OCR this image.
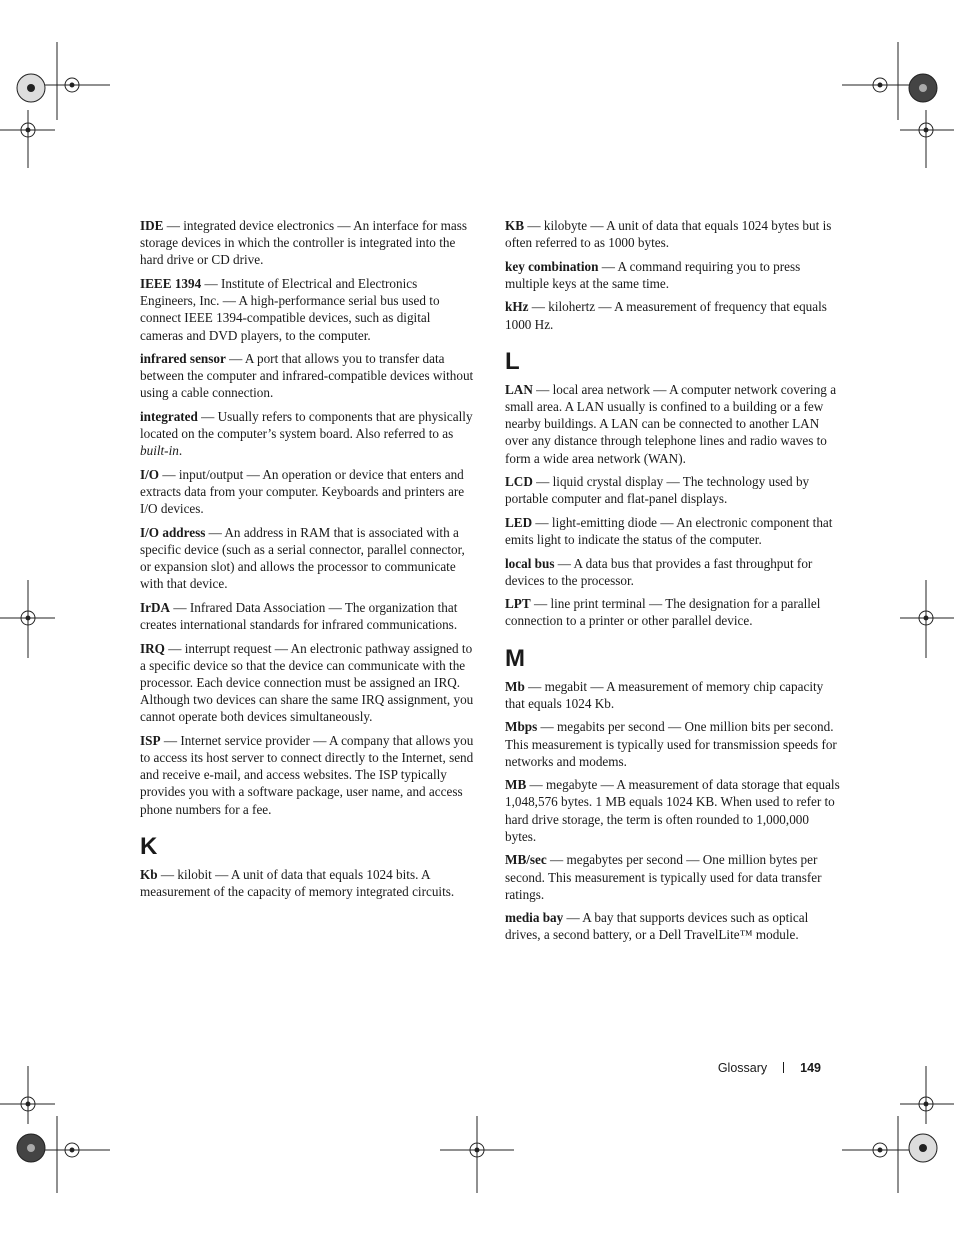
IDE — integrated device electronics — An interface for mass storage devices in which the controller is integrated into the hard drive or CD drive.

IEEE 1394 — Institute of Electrical and Electronics Engineers, Inc. — A high-performance serial bus used to connect IEEE 1394-compatible devices, such as digital cameras and DVD players, to the computer.

infrared sensor — A port that allows you to transfer data between the computer and infrared-compatible devices without using a cable connection.

integrated — Usually refers to components that are physically located on the computer’s system board. Also referred to as built-in.

I/O — input/output — An operation or device that enters and extracts data from your computer. Keyboards and printers are I/O devices.

I/O address — An address in RAM that is associated with a specific device (such as a serial connector, parallel connector, or expansion slot) and allows the processor to communicate with that device.

IrDA — Infrared Data Association — The organization that creates international standards for infrared communications.

IRQ — interrupt request — An electronic pathway assigned to a specific device so that the device can communicate with the processor. Each device connection must be assigned an IRQ. Although two devices can share the same IRQ assignment, you cannot operate both devices simultaneously.

ISP — Internet service provider — A company that allows you to access its host server to connect directly to the Internet, send and receive e-mail, and access websites. The ISP typically provides you with a software package, user name, and access phone numbers for a fee.

K

Kb — kilobit — A unit of data that equals 1024 bits. A measurement of the capacity of memory integrated circuits.

KB — kilobyte — A unit of data that equals 1024 bytes but is often referred to as 1000 bytes.

key combination — A command requiring you to press multiple keys at the same time.

kHz — kilohertz — A measurement of frequency that equals 1000 Hz.

L

LAN — local area network — A computer network covering a small area. A LAN usually is confined to a building or a few nearby buildings. A LAN can be connected to another LAN over any distance through telephone lines and radio waves to form a wide area network (WAN).

LCD — liquid crystal display — The technology used by portable computer and flat-panel displays.

LED — light-emitting diode — An electronic component that emits light to indicate the status of the computer.

local bus — A data bus that provides a fast throughput for devices to the processor.

LPT — line print terminal — The designation for a parallel connection to a printer or other parallel device.

M

Mb — megabit — A measurement of memory chip capacity that equals 1024 Kb.

Mbps — megabits per second — One million bits per second. This measurement is typically used for transmission speeds for networks and modems.

MB — megabyte — A measurement of data storage that equals 1,048,576 bytes. 1 MB equals 1024 KB. When used to refer to hard drive storage, the term is often rounded to 1,000,000 bytes.

MB/sec — megabytes per second — One million bytes per second. This measurement is typically used for data transfer ratings.

media bay — A bay that supports devices such as optical drives, a second battery, or a Dell TravelLite™ module.

Glossary	149
